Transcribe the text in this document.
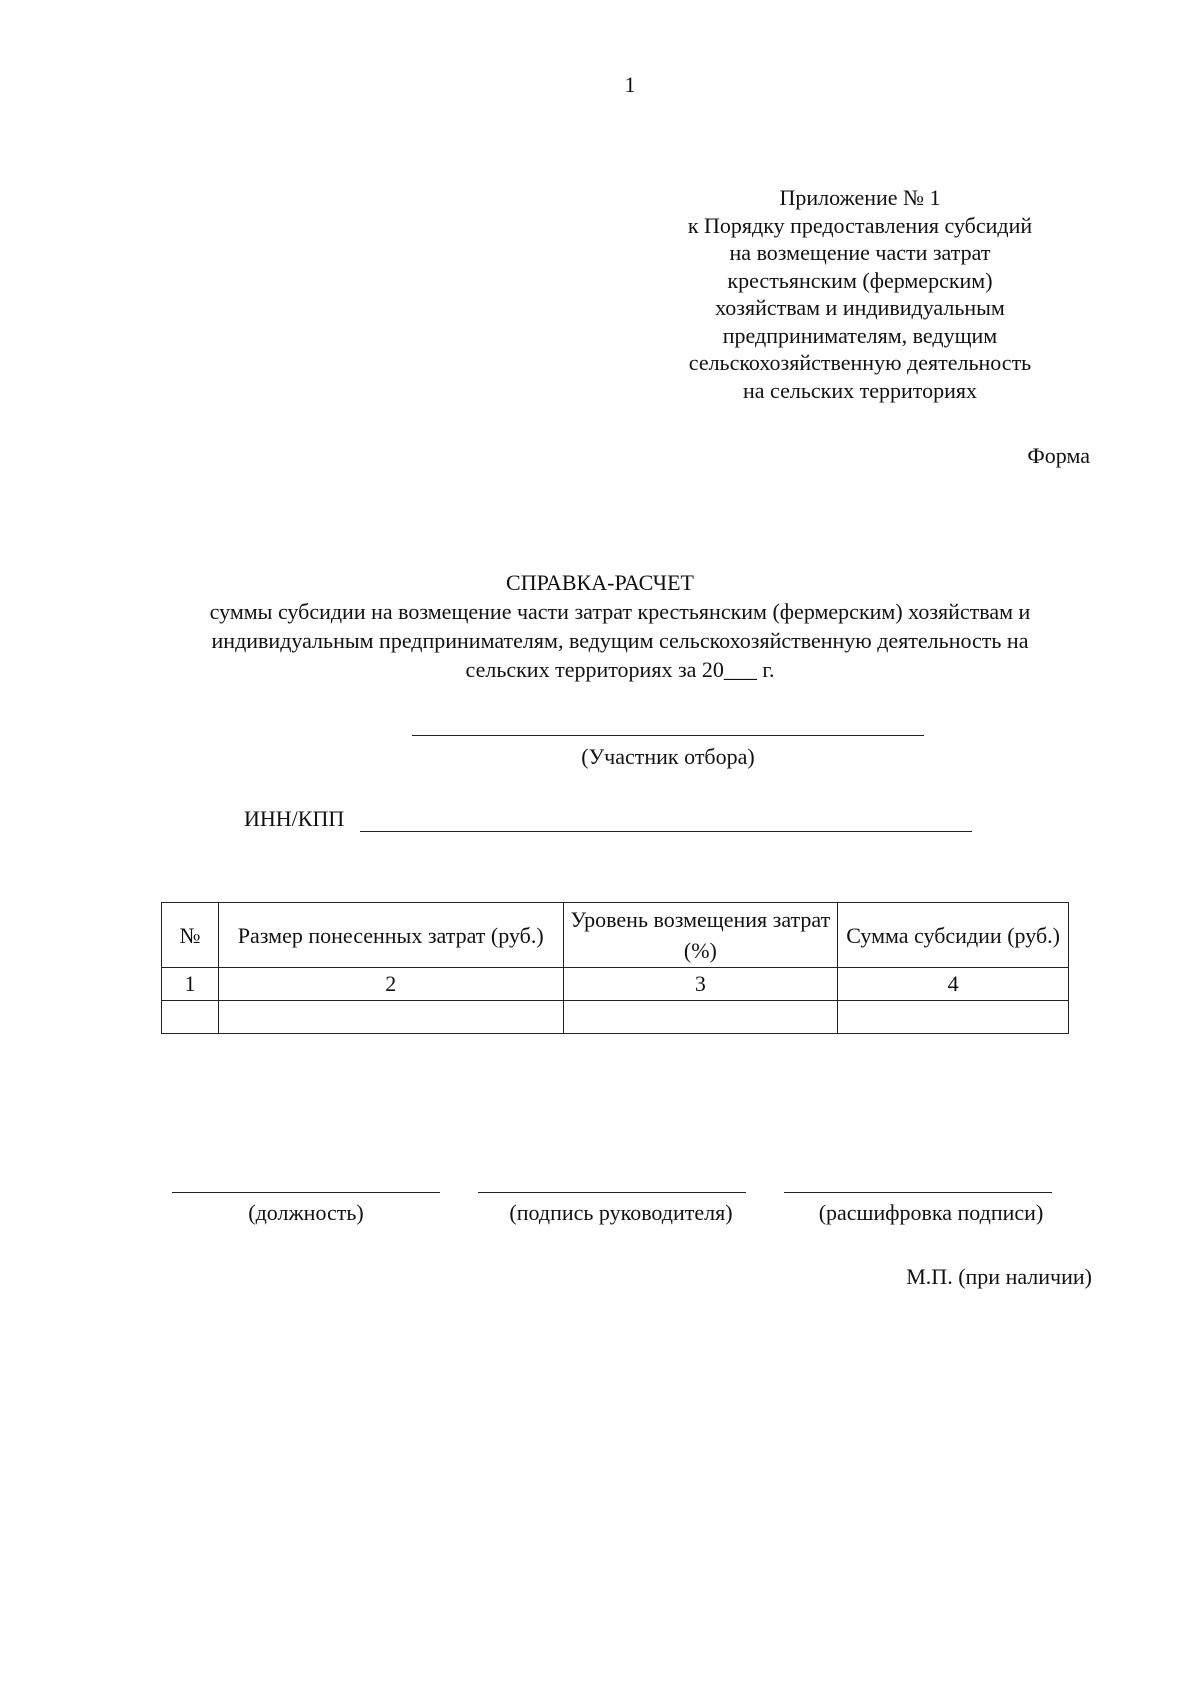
1
Приложение № 1
к Порядку предоставления субсидий
на возмещение части затрат
крестьянским (фермерским)
хозяйствам и индивидуальным
предпринимателям, ведущим
сельскохозяйственную деятельность
на сельских территориях
Форма
СПРАВКА-РАСЧЕТ
суммы субсидии на возмещение части затрат крестьянским (фермерским) хозяйствам и
индивидуальным предпринимателям, ведущим сельскохозяйственную деятельность на
сельских территориях за 20___ г.
(Участник отбора)
ИНН/КПП
№	Размер понесенных затрат (руб.)	Уровень возмещения затрат (%)	Сумма субсидии (руб.)
1	2	3	4

(должность)	(подпись руководителя)	(расшифровка подписи)
М.П. (при наличии)
